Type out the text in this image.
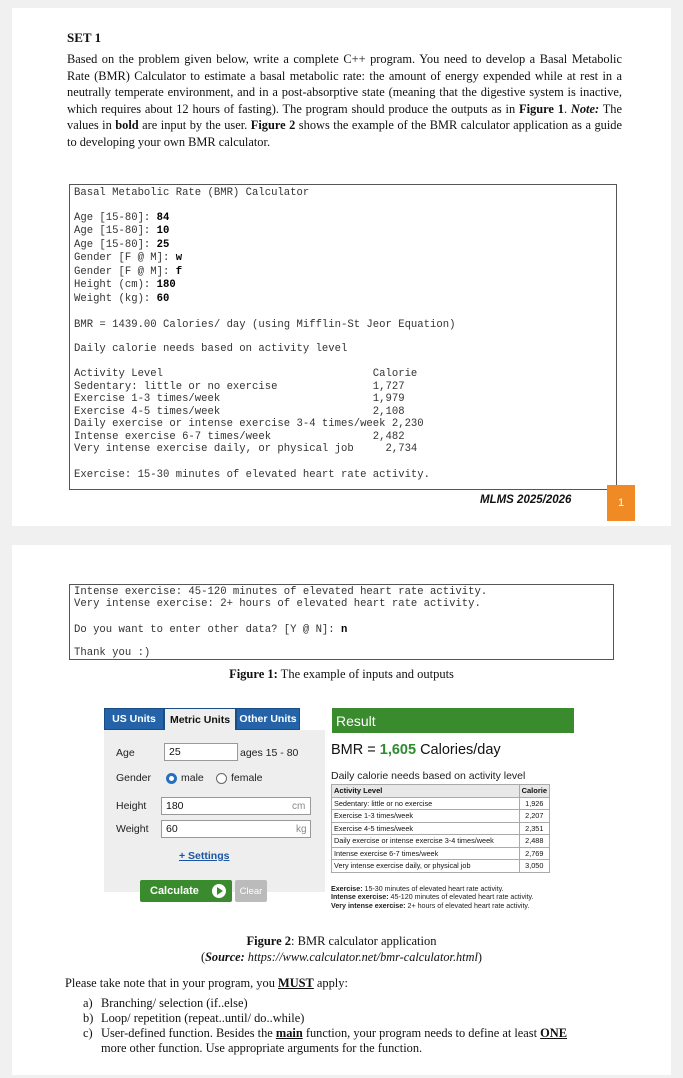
SET 1
Based on the problem given below, write a complete C++ program. You need to develop a Basal Metabolic Rate (BMR) Calculator to estimate a basal metabolic rate: the amount of energy expended while at rest in a neutrally temperate environment, and in a post-absorptive state (meaning that the digestive system is inactive, which requires about 12 hours of fasting). The program should produce the outputs as in Figure 1. Note: The values in bold are input by the user. Figure 2 shows the example of the BMR calculator application as a guide to developing your own BMR calculator.
Basal Metabolic Rate (BMR) Calculator
Age [15-80]: 84
Age [15-80]: 10
Age [15-80]: 25
Gender [F @ M]: w
Gender [F @ M]: f
Height (cm): 180
Weight (kg): 60
BMR = 1439.00 Calories/ day (using Mifflin-St Jeor Equation)
Daily calorie needs based on activity level
Activity Level                                 Calorie
Sedentary: little or no exercise               1,727
Exercise 1-3 times/week                        1,979
Exercise 4-5 times/week                        2,108
Daily exercise or intense exercise 3-4 times/week 2,230
Intense exercise 6-7 times/week                2,482
Very intense exercise daily, or physical job     2,734
Exercise: 15-30 minutes of elevated heart rate activity.
MLMS 2025/2026	1
Intense exercise: 45-120 minutes of elevated heart rate activity.
Very intense exercise: 2+ hours of elevated heart rate activity.
Do you want to enter other data? [Y @ N]: n
Thank you :)
Figure 1: The example of inputs and outputs
US Units	Metric Units Other Units
Age	25	ages 15 - 80
Gender	male	female
Height	180	cm
Weight	60	kg
+ Settings
Calculate	Clear
Result
BMR = 1,605 Calories/day
Daily calorie needs based on activity level
Activity Level	Calorie
Sedentary: little or no exercise	1,926
Exercise 1-3 times/week	2,207
Exercise 4-5 times/week	2,351
Daily exercise or intense exercise 3-4 times/week	2,488
Intense exercise 6-7 times/week	2,769
Very intense exercise daily, or physical job	3,050
Exercise: 15-30 minutes of elevated heart rate activity.
Intense exercise: 45-120 minutes of elevated heart rate activity.
Very intense exercise: 2+ hours of elevated heart rate activity.
Figure 2: BMR calculator application
(Source: https://www.calculator.net/bmr-calculator.html)
Please take note that in your program, you MUST apply:
a) Branching/ selection (if..else)
b) Loop/ repetition (repeat..until/ do..while)
c) User-defined function. Besides the main function, your program needs to define at least ONE
more other function. Use appropriate arguments for the function.
